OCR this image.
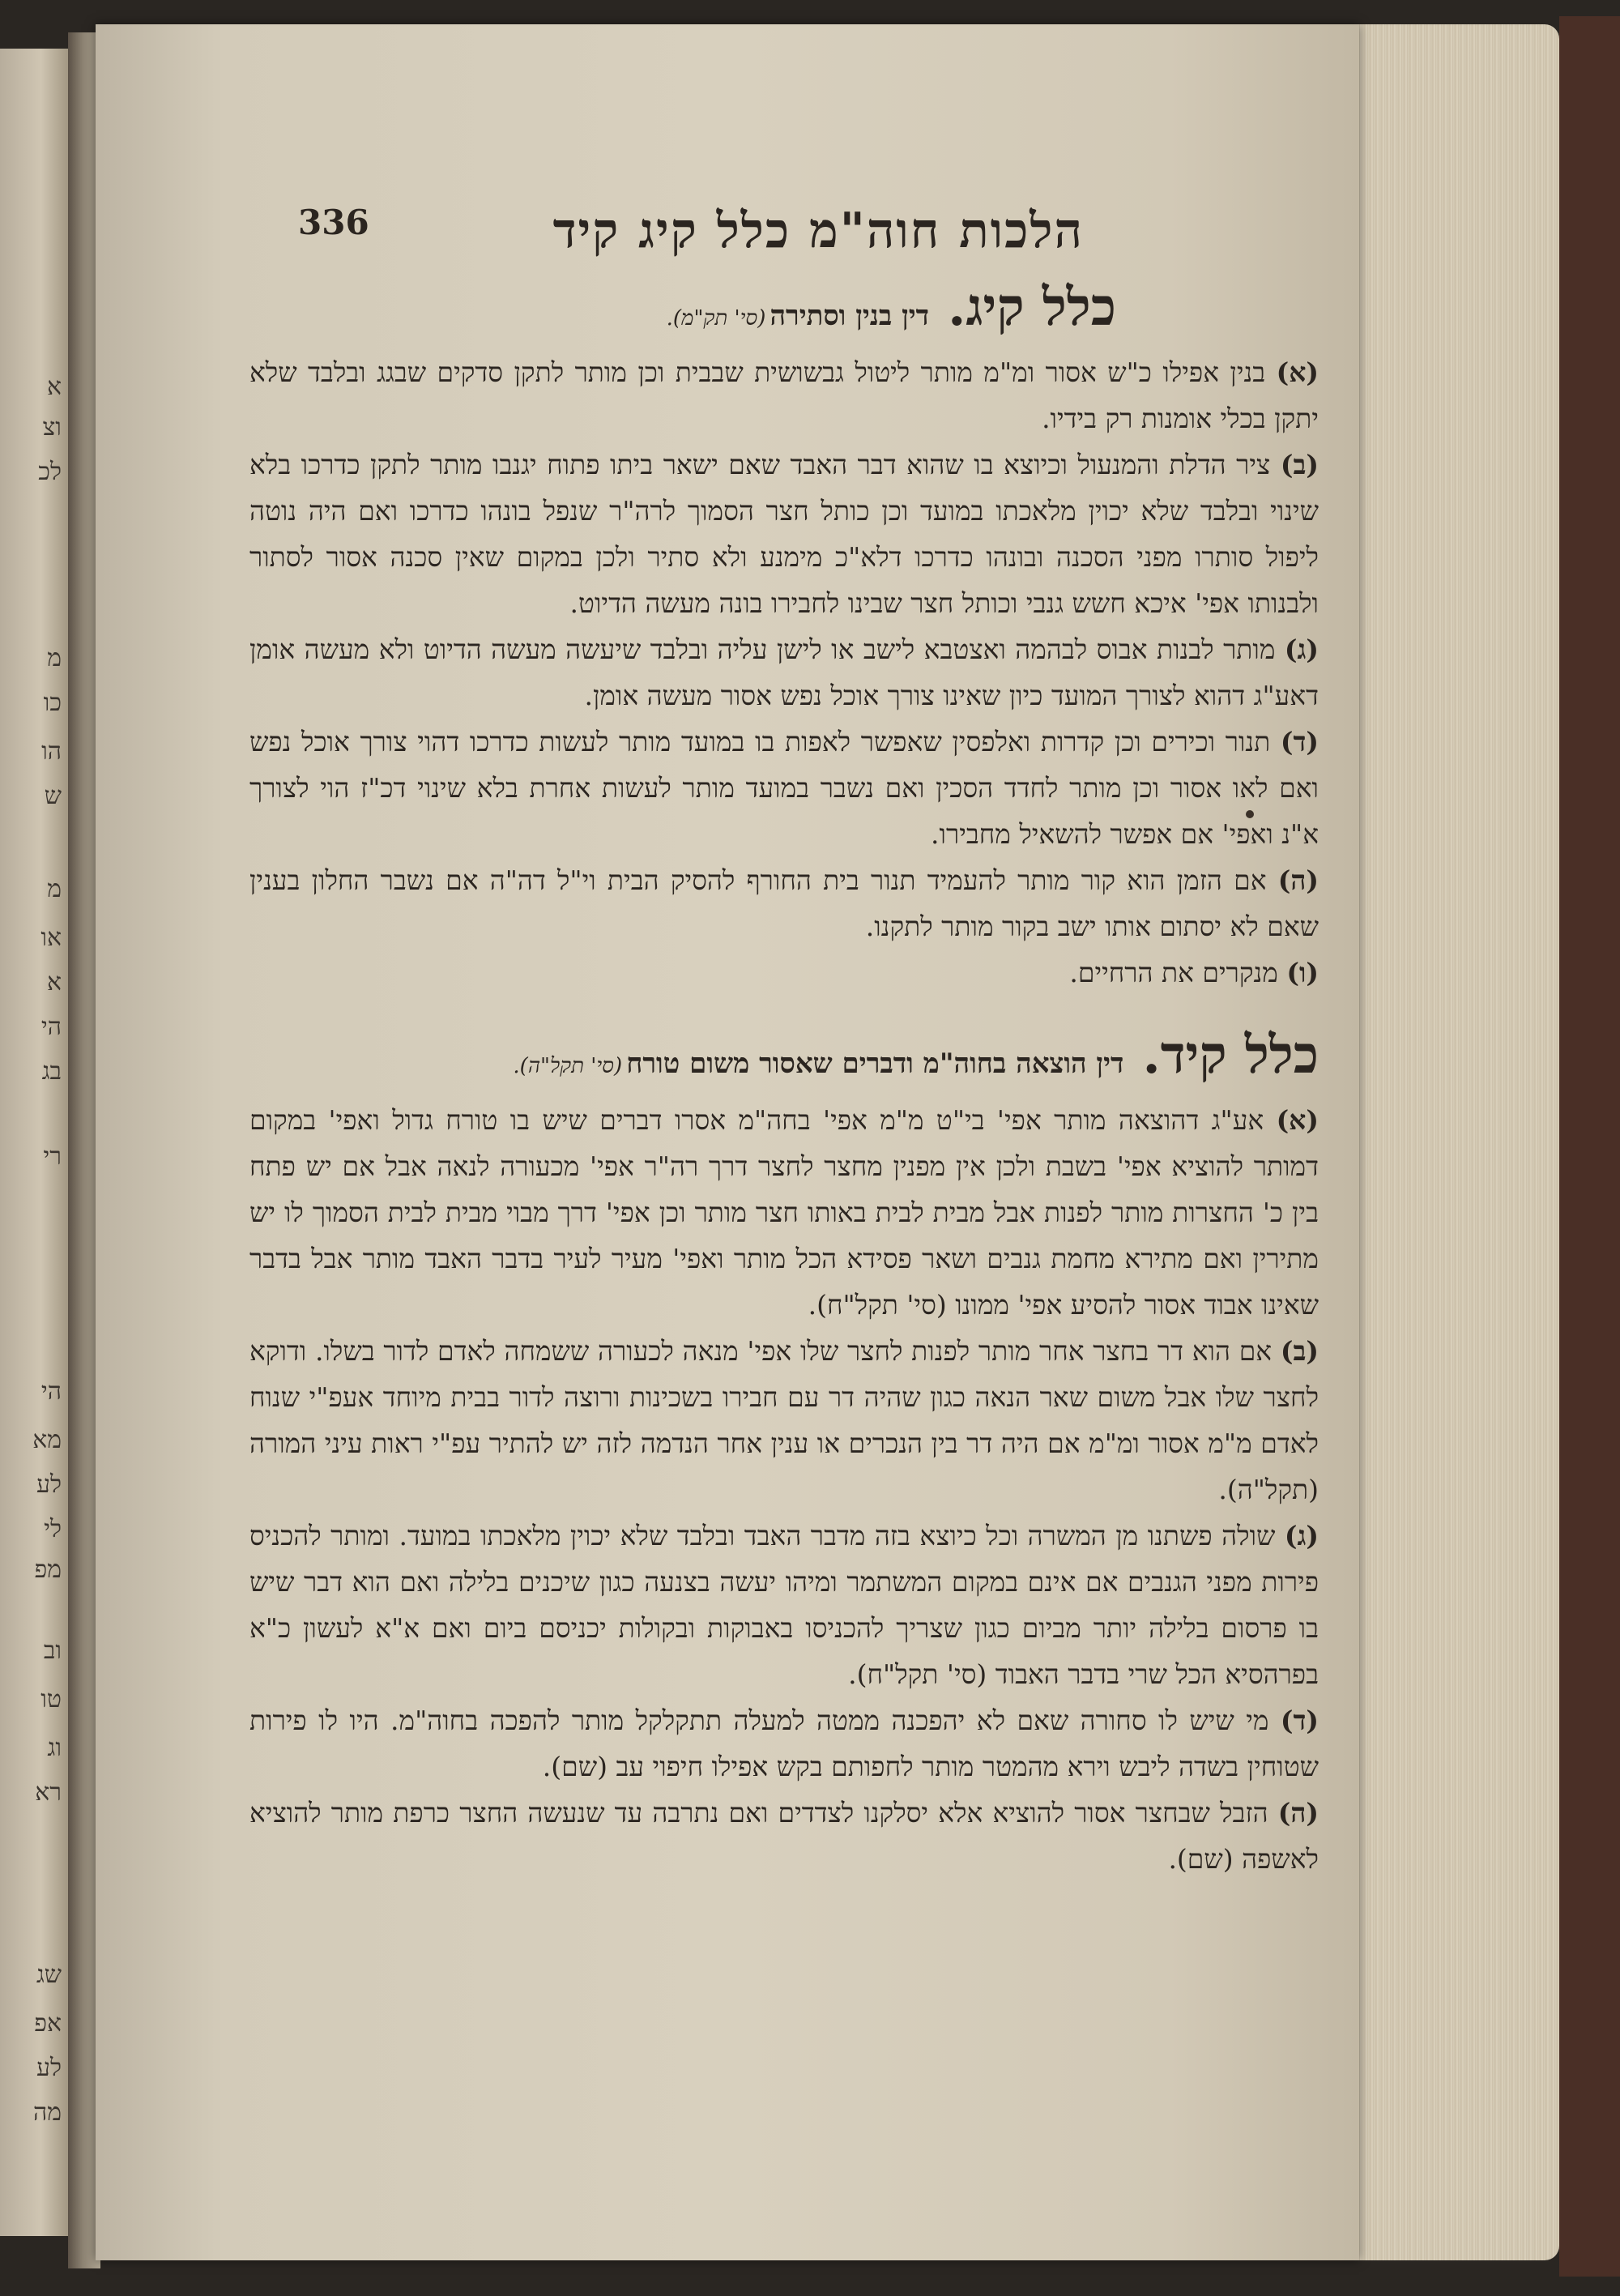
א
וצ
לכ
מ
כו
הו
ש
מ
או
א
הי
בג
רי
הי
מא
לע
לי
מפ
וב
טו
וג
רא
שג
אפ
לע
מה
הלכות חוה"מ כלל קיג קיד
336
כלל קיג. דין בנין וסתירה (סי' תק"מ).

(א) בנין אפילו כ"ש אסור ומ"מ מותר ליטול גבשושית שבבית וכן מותר לתקן סדקים שבגג ובלבד שלא יתקן בכלי אומנות רק בידיו.

(ב) ציר הדלת והמנעול וכיוצא בו שהוא דבר האבד שאם ישאר ביתו פתוח יגנבו מותר לתקן כדרכו בלא שינוי ובלבד שלא יכוין מלאכתו במועד וכן כותל חצר הסמוך לרה"ר שנפל בונהו כדרכו ואם היה נוטה ליפול סותרו מפני הסכנה ובונהו כדרכו דלא"כ מימנע ולא סתיר ולכן במקום שאין סכנה אסור לסתור ולבנותו אפי' איכא חשש גנבי וכותל חצר שבינו לחבירו בונה מעשה הדיוט.

(ג) מותר לבנות אבוס לבהמה ואצטבא לישב או לישן עליה ובלבד שיעשה מעשה הדיוט ולא מעשה אומן דאע"ג דהוא לצורך המועד כיון שאינו צורך אוכל נפש אסור מעשה אומן.

(ד) תנור וכירים וכן קדרות ואלפסין שאפשר לאפות בו במועד מותר לעשות כדרכו דהוי צורך אוכל נפש ואם לאו אסור וכן מותר לחדד הסכין ואם נשבר במועד מותר לעשות אחרת בלא שינוי דכ"ז הוי לצורך א"נ ואפי' אם אפשר להשאיל מחבירו.

(ה) אם הזמן הוא קור מותר להעמיד תנור בית החורף להסיק הבית וי"ל דה"ה אם נשבר החלון בענין שאם לא יסתום אותו ישב בקור מותר לתקנו.

(ו) מנקרים את הרחיים.

כלל קיד. דין הוצאה בחוה"מ ודברים שאסור משום טורח (סי' תקל"ה).

(א) אע"ג דהוצאה מותר אפי' בי"ט מ"מ אפי' בחה"מ אסרו דברים שיש בו טורח גדול ואפי' במקום דמותר להוציא אפי' בשבת ולכן אין מפנין מחצר לחצר דרך רה"ר אפי' מכעורה לנאה אבל אם יש פתח בין כ' החצרות מותר לפנות אבל מבית לבית באותו חצר מותר וכן אפי' דרך מבוי מבית לבית הסמוך לו יש מתירין ואם מתירא מחמת גנבים ושאר פסידא הכל מותר ואפי' מעיר לעיר בדבר האבד מותר אבל בדבר שאינו אבוד אסור להסיע אפי' ממונו (סי' תקל"ח).

(ב) אם הוא דר בחצר אחר מותר לפנות לחצר שלו אפי' מנאה לכעורה ששמחה לאדם לדור בשלו. ודוקא לחצר שלו אבל משום שאר הנאה כגון שהיה דר עם חבירו בשכינות ורוצה לדור בבית מיוחד אעפ"י שנוח לאדם מ"מ אסור ומ"מ אם היה דר בין הנכרים או ענין אחר הנדמה לזה יש להתיר עפ"י ראות עיני המורה (תקל"ה).

(ג) שולה פשתנו מן המשרה וכל כיוצא בזה מדבר האבד ובלבד שלא יכוין מלאכתו במועד. ומותר להכניס פירות מפני הגנבים אם אינם במקום המשתמר ומיהו יעשה בצנעה כגון שיכנים בלילה ואם הוא דבר שיש בו פרסום בלילה יותר מביום כגון שצריך להכניסו באבוקות ובקולות יכניסם ביום ואם א"א לעשון כ"א בפרהסיא הכל שרי בדבר האבוד (סי' תקל"ח).

(ד) מי שיש לו סחורה שאם לא יהפכנה ממטה למעלה תתקלקל מותר להפכה בחוה"מ. היו לו פירות שטוחין בשדה ליבש וירא מהמטר מותר לחפותם בקש אפילו חיפוי עב (שם).

(ה) הזבל שבחצר אסור להוציא אלא יסלקנו לצדדים ואם נתרבה עד שנעשה החצר כרפת מותר להוציא לאשפה (שם).
